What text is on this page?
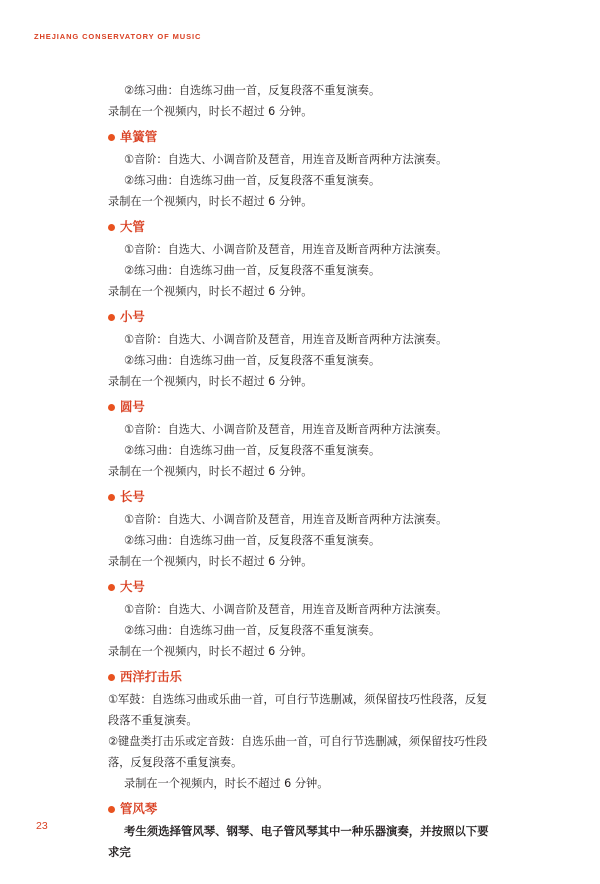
ZHEJIANG CONSERVATORY OF MUSIC

②练习曲：自选练习曲一首，反复段落不重复演奏。

录制在一个视频内，时长不超过 6 分钟。

单簧管

①音阶：自选大、小调音阶及琶音，用连音及断音两种方法演奏。

②练习曲：自选练习曲一首，反复段落不重复演奏。

录制在一个视频内，时长不超过 6 分钟。

大管

①音阶：自选大、小调音阶及琶音，用连音及断音两种方法演奏。

②练习曲：自选练习曲一首，反复段落不重复演奏。

录制在一个视频内，时长不超过 6 分钟。

小号

①音阶：自选大、小调音阶及琶音，用连音及断音两种方法演奏。

②练习曲：自选练习曲一首，反复段落不重复演奏。

录制在一个视频内，时长不超过 6 分钟。

圆号

①音阶：自选大、小调音阶及琶音，用连音及断音两种方法演奏。

②练习曲：自选练习曲一首，反复段落不重复演奏。

录制在一个视频内，时长不超过 6 分钟。

长号

①音阶：自选大、小调音阶及琶音，用连音及断音两种方法演奏。

②练习曲：自选练习曲一首，反复段落不重复演奏。

录制在一个视频内，时长不超过 6 分钟。

大号

①音阶：自选大、小调音阶及琶音，用连音及断音两种方法演奏。

②练习曲：自选练习曲一首，反复段落不重复演奏。

录制在一个视频内，时长不超过 6 分钟。

西洋打击乐

①军鼓：自选练习曲或乐曲一首，可自行节选删减，须保留技巧性段落，反复段落不重复演奏。

②键盘类打击乐或定音鼓：自选乐曲一首，可自行节选删减，须保留技巧性段落，反复段落不重复演奏。

录制在一个视频内，时长不超过 6 分钟。

管风琴

考生须选择管风琴、钢琴、电子管风琴其中一种乐器演奏，并按照以下要求完

23
